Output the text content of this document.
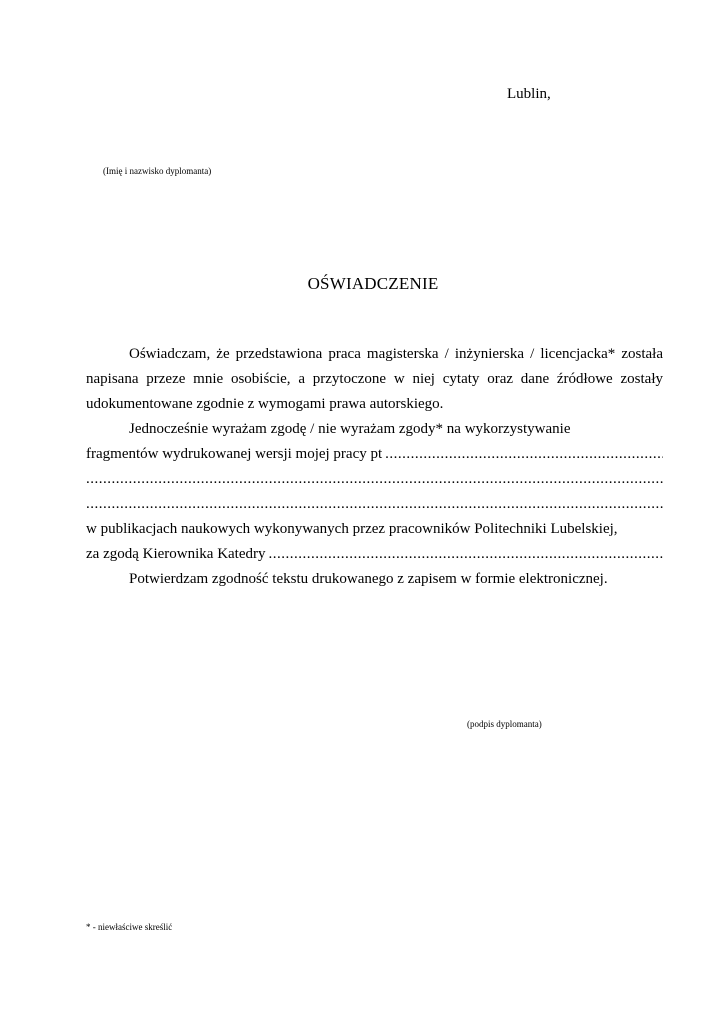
Lublin,
(Imię i nazwisko dyplomanta)
OŚWIADCZENIE

Oświadczam, że przedstawiona praca magisterska / inżynierska / licencjacka* została napisana przeze mnie osobiście, a przytoczone w niej cytaty oraz dane źródłowe zostały udokumentowane zgodnie z wymogami prawa autorskiego.

Jednocześnie wyrażam zgodę / nie wyrażam zgody* na wykorzystywanie

fragmentów wydrukowanej wersji mojej pracy pt
.....
.....
.....
w publikacjach naukowych wykonywanych przez pracowników Politechniki Lubelskiej,
za zgodą Kierownika Katedry
.....

Potwierdzam zgodność tekstu drukowanego z zapisem w formie elektronicznej.

(podpis dyplomanta)
* - niewłaściwe skreślić
